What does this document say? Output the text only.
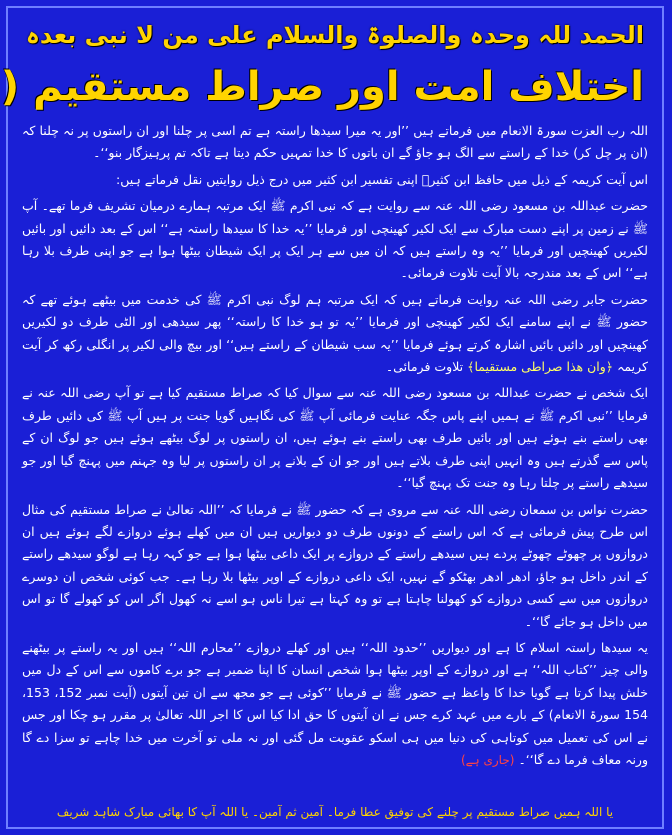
الحمد للہ وحدہ والصلوۃ والسلام علی من لا نبی بعدہ
اختلاف امت اور صراط مستقیم (

اللہ رب العزت سورۃ الانعام میں فرماتے ہیں ’’اور یہ میرا سیدھا راستہ ہے تم اسی پر چلنا اور ان راستوں پر نہ چلنا کہ (ان پر چل کر) خدا کے راستے سے الگ ہو جاؤ گے ان باتوں کا خدا تمہیں حکم دیتا ہے تاکہ تم پرہیزگار بنو‘‘۔

اس آیت کریمہ کے ذیل میں حافظ ابن کثیرؒ اپنی تفسیر ابن کثیر میں درج ذیل روایتیں نقل فرماتے ہیں:

حضرت عبداللہ بن مسعود رضی اللہ عنہ سے روایت ہے کہ نبی اکرم ﷺ ایک مرتبہ ہمارے درمیان تشریف فرما تھے۔ آپ ﷺ نے زمین پر اپنے دست مبارک سے ایک لکیر کھینچی اور فرمایا ’’یہ خدا کا سیدھا راستہ ہے‘‘ اس کے بعد دائیں اور بائیں لکیریں کھینچیں اور فرمایا ’’یہ وہ راستے ہیں کہ ان میں سے ہر ایک پر ایک شیطان بیٹھا ہوا ہے جو اپنی طرف بلا رہا ہے‘‘ اس کے بعد مندرجہ بالا آیت تلاوت فرمائی۔

حضرت جابر رضی اللہ عنہ روایت فرماتے ہیں کہ ایک مرتبہ ہم لوگ نبی اکرم ﷺ کی خدمت میں بیٹھے ہوئے تھے کہ حضور ﷺ نے اپنے سامنے ایک لکیر کھینچی اور فرمایا ’’یہ تو ہو خدا کا راستہ‘‘ پھر سیدھی اور الٹی طرف دو لکیریں کھینچیں اور دائیں بائیں اشارہ کرتے ہوئے فرمایا ’’یہ سب شیطان کے راستے ہیں‘‘ اور بیچ والی لکیر پر انگلی رکھ کر آیت کریمہ ﴿وان ھذا صراطی مستقیما﴾ تلاوت فرمائی۔

ایک شخص نے حضرت عبداللہ بن مسعود رضی اللہ عنہ سے سوال کیا کہ صراط مستقیم کیا ہے تو آپ رضی اللہ عنہ نے فرمایا ’’نبی اکرم ﷺ نے ہمیں اپنے پاس جگہ عنایت فرمائی آپ ﷺ کی نگاہیں گویا جنت پر ہیں آپ ﷺ کی دائیں طرف بھی راستے بنے ہوئے ہیں اور بائیں طرف بھی راستے بنے ہوئے ہیں، ان راستوں پر لوگ بیٹھے ہوئے ہیں جو لوگ ان کے پاس سے گذرتے ہیں وہ انہیں اپنی طرف بلاتے ہیں اور جو ان کے بلانے پر ان راستوں پر لیا وہ جہنم میں پہنچ گیا اور جو سیدھے راستے پر چلتا رہا وہ جنت تک پہنچ گیا‘‘۔

حضرت نواس بن سمعان رضی اللہ عنہ سے مروی ہے کہ حضور ﷺ نے فرمایا کہ ’’اللہ تعالیٰ نے صراط مستقیم کی مثال اس طرح پیش فرمائی ہے کہ اس راستے کے دونوں طرف دو دیواریں ہیں ان میں کھلے ہوئے دروازے لگے ہوئے ہیں ان دروازوں پر چھوٹے چھوٹے پردے ہیں سیدھے راستے کے دروازے پر ایک داعی بیٹھا ہوا ہے جو کہہ رہا ہے لوگو سیدھے راستے کے اندر داخل ہو جاؤ، ادھر ادھر بھٹکو گے نہیں، ایک داعی دروازے کے اوپر بیٹھا بلا رہا ہے۔ جب کوئی شخص ان دوسرے دروازوں میں سے کسی دروازے کو کھولنا چاہتا ہے تو وہ کہتا ہے تیرا ناس ہو اسے نہ کھول اگر اس کو کھولے گا تو اس میں داخل ہو جائے گا‘‘۔

یہ سیدھا راستہ اسلام کا ہے اور دیواریں ’’حدود اللہ‘‘ ہیں اور کھلے دروازے ’’محارم اللہ‘‘ ہیں اور یہ راستے پر بیٹھنے والی چیز ’’کتاب اللہ‘‘ ہے اور دروازے کے اوپر بیٹھا ہوا شخص انسان کا اپنا ضمیر ہے جو برے کاموں سے اس کے دل میں خلش پیدا کرتا ہے گویا خدا کا واعظ ہے حضور ﷺ نے فرمایا ’’کوئی ہے جو مجھ سے ان تین آیتوں (آیت نمبر 152، 153، 154 سورۃ الانعام) کے بارے میں عہد کرے جس نے ان آیتوں کا حق ادا کیا اس کا اجر اللہ تعالیٰ پر مقرر ہو چکا اور جس نے اس کی تعمیل میں کوتاہی کی دنیا میں ہی اسکو عقوبت مل گئی اور نہ ملی تو آخرت میں خدا چاہے تو سزا دے گا ورنہ معاف فرما دے گا‘‘۔ (جاری ہے)

یا اللہ ہمیں صراط مستقیم پر چلنے کی توفیق عطا فرما۔ آمین ثم آمین۔ یا اللہ آپ کا بھائی مبارک شاہد شریف
